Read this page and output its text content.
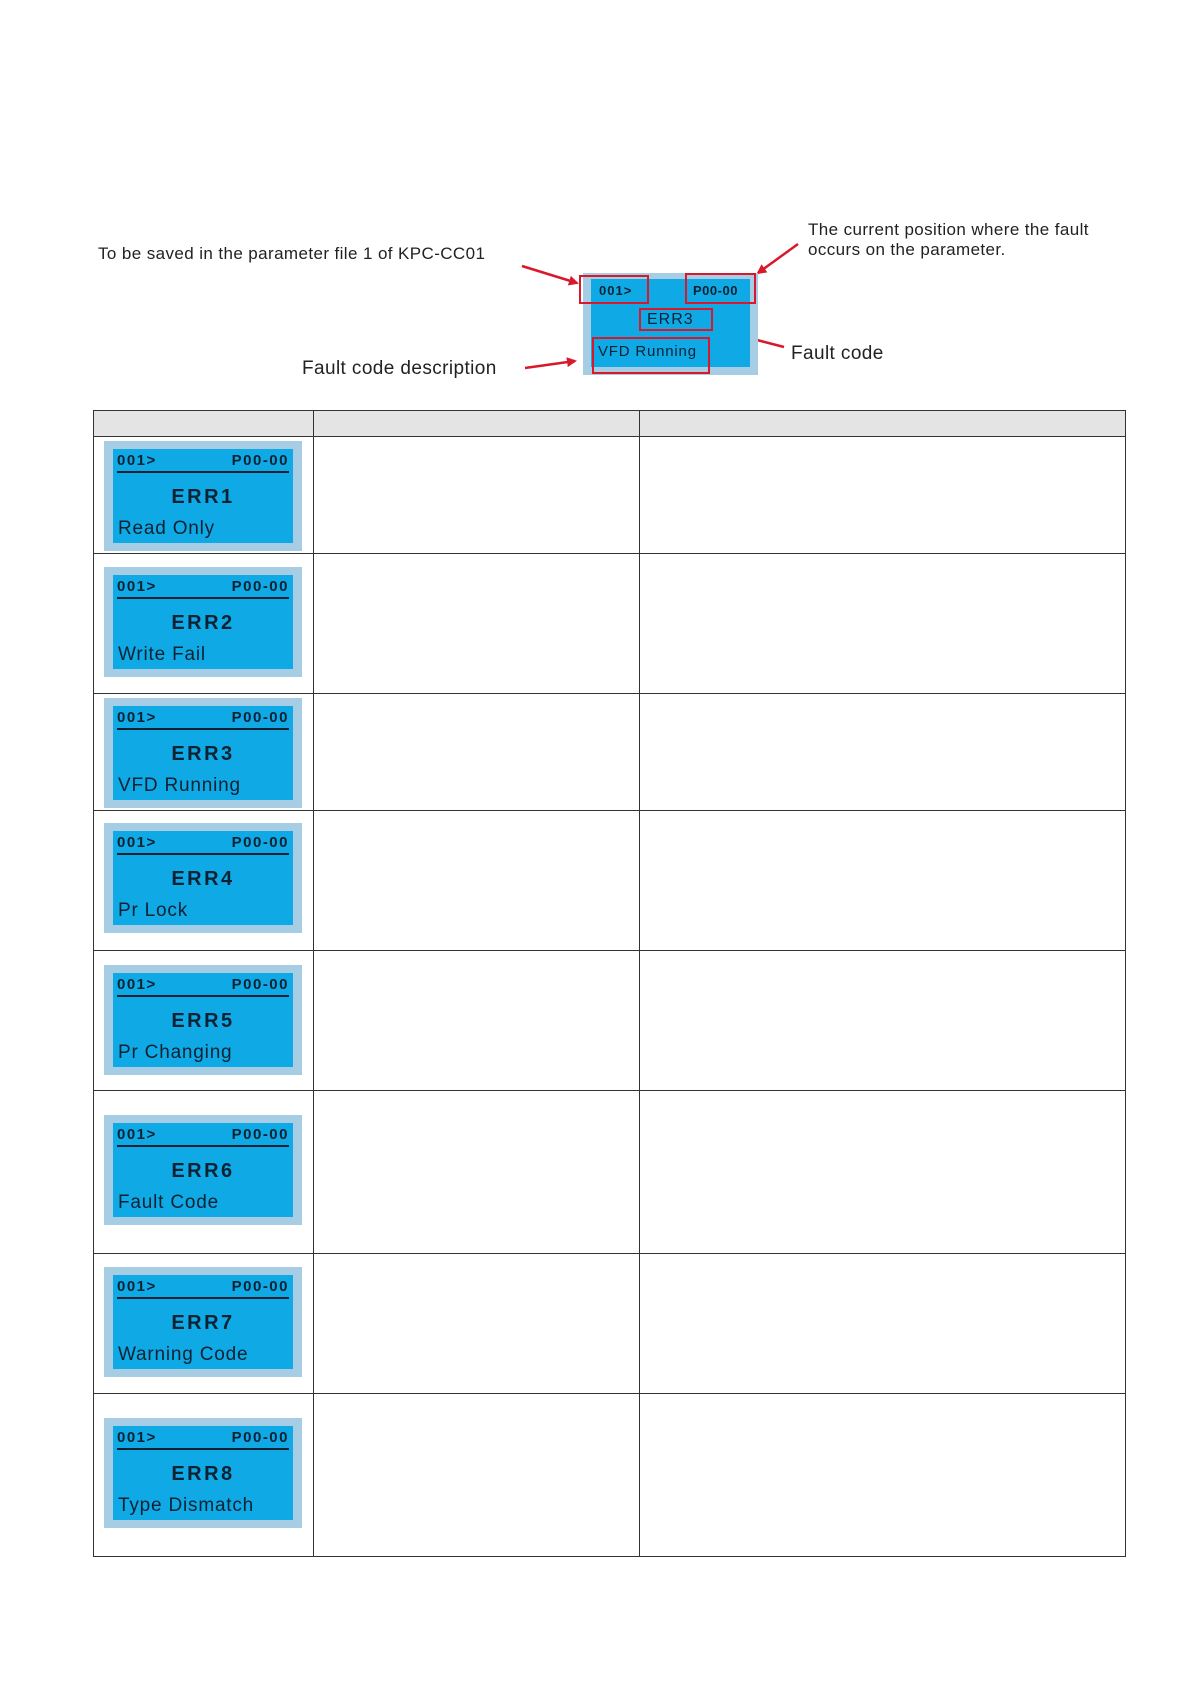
To be saved in the parameter file 1 of KPC-CC01
The current position where the fault
occurs on the parameter.
Fault code
Fault code description
001>	P00-00
ERR3
VFD Running

001> P00-00
ERR1
Read Only		

001> P00-00
ERR2
Write Fail		

001> P00-00
ERR3
VFD Running		

001> P00-00
ERR4
Pr Lock		

001> P00-00
ERR5
Pr Changing		

001> P00-00
ERR6
Fault Code		

001> P00-00
ERR7
Warning Code		

001> P00-00
ERR8
Type Dismatch		
